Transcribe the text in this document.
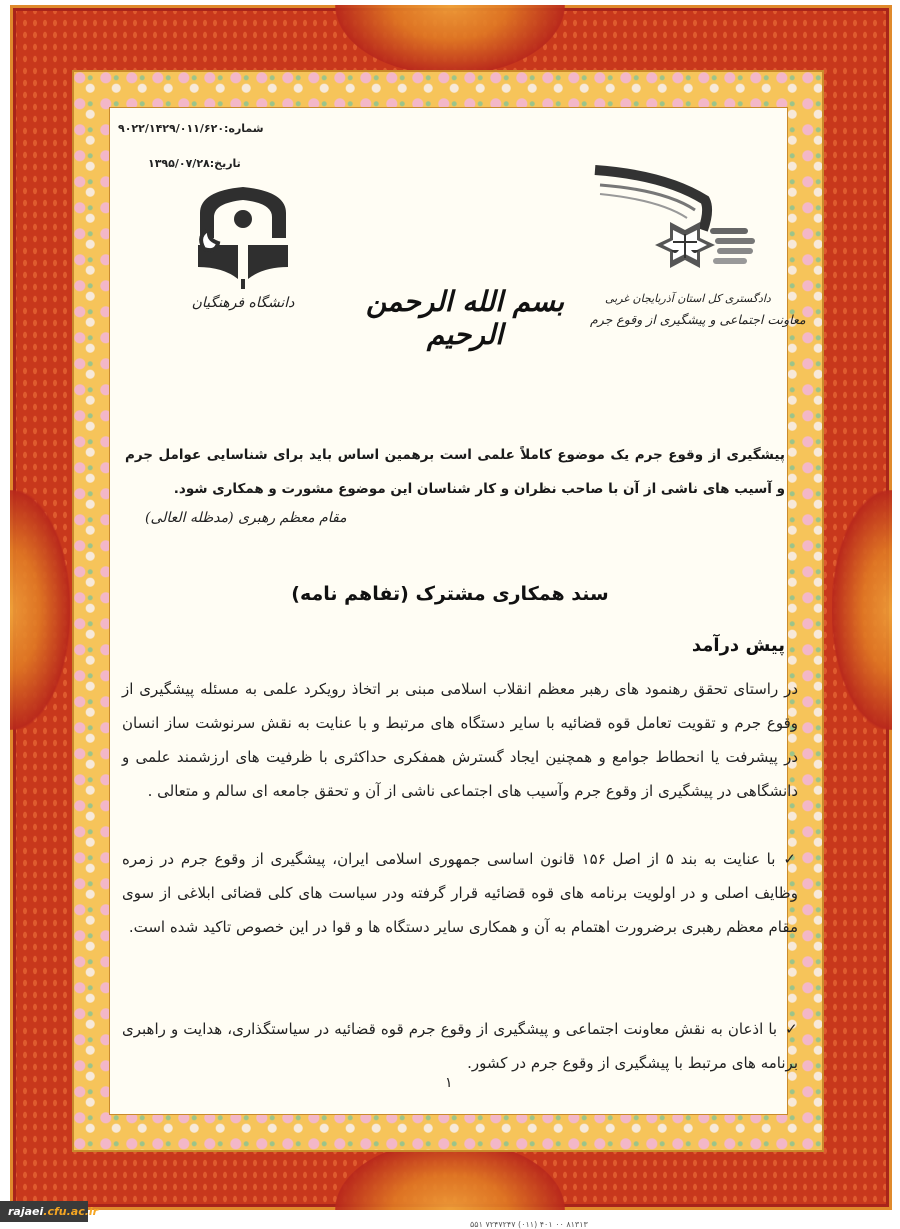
شماره:۹۰۲۲/۱۴۲۹/۰۱۱/۶۲۰
تاریخ:۱۳۹۵/۰۷/۲۸
دانشگاه فرهنگیان	دادگستری کل استان آذربایجان غربی
معاونت اجتماعی و پیشگیری از وقوع جرم
بسم الله الرحمن الرحیم
پیشگیری از وقوع جرم یک موضوع کاملاً علمی است برهمین اساس باید برای شناسایی عوامل جرم و آسیب های ناشی از آن با صاحب نظران و کار شناسان این موضوع مشورت و همکاری شود.
مقام معظم رهبری (مدظله العالی)
سند همکاری مشترک (تفاهم نامه)
پیش درآمد

در راستای تحقق رهنمود های رهبر معظم انقلاب اسلامی مبنی بر اتخاذ رویکرد علمی به مسئله پیشگیری از وقوع جرم و تقویت تعامل قوه قضائیه با سایر دستگاه های مرتبط و با عنایت به نقش سرنوشت ساز انسان در پیشرفت یا انحطاط جوامع و همچنین ایجاد گسترش همفکری حداکثری با ظرفیت های ارزشمند علمی و دانشگاهی در پیشگیری از وقوع جرم وآسیب های اجتماعی ناشی از آن و تحقق جامعه ای سالم و متعالی .

✓با عنایت به بند ۵ از اصل ۱۵۶ قانون اساسی جمهوری اسلامی ایران، پیشگیری از وقوع جرم در زمره وظایف اصلی و در اولویت برنامه های قوه قضائیه قرار گرفته ودر سیاست های کلی قضائی ابلاغی از سوی مقام معظم رهبری برضرورت اهتمام به آن و همکاری سایر دستگاه ها و قوا در این خصوص تاکید شده است.

✓با اذعان به نقش معاونت اجتماعی و پیشگیری از وقوع جرم قوه قضائیه در سیاستگذاری، هدایت و راهبری برنامه های مرتبط با پیشگیری از وقوع جرم در کشور.

۱
rajaei.cfu.ac.ir
۸۱۳۱۳ ۰۰ ۴۰۱ (۰۱۱) ۷۲۴۷۲۴۷ ۵۵۱
